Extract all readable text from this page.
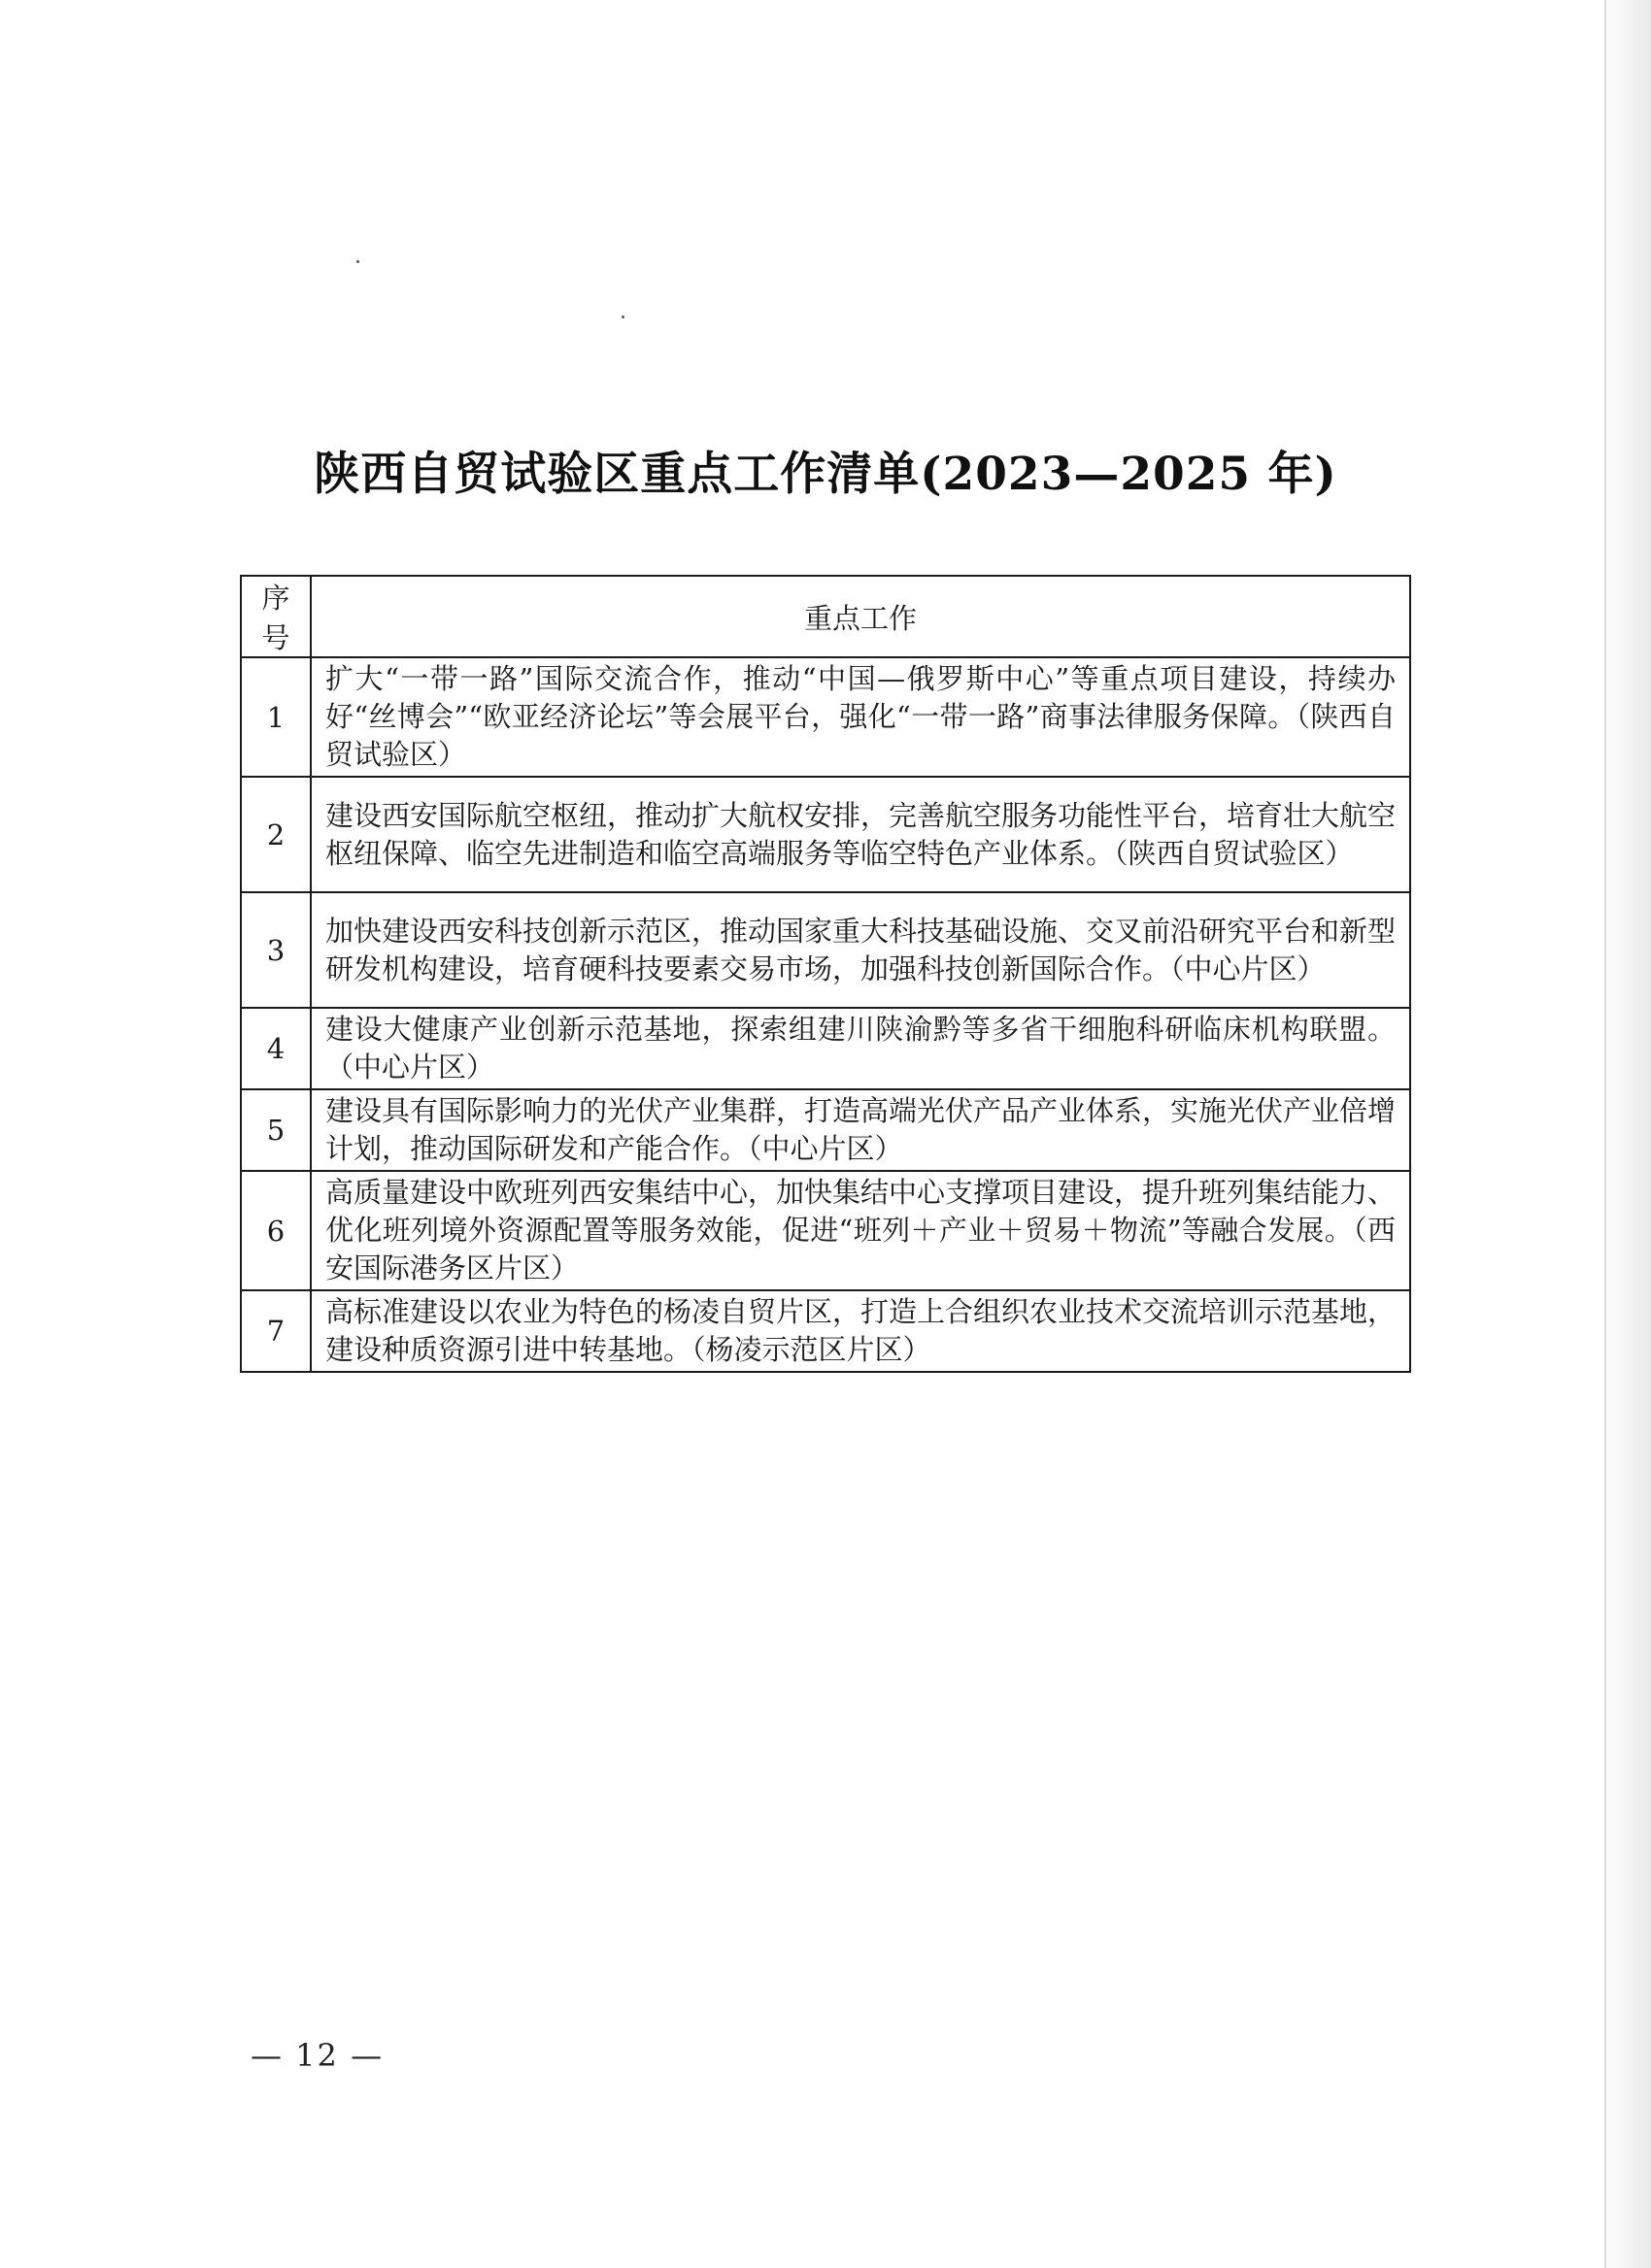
陕西自贸试验区重点工作清单(2023—2025 年)
序号	重点工作
1	扩大“一带一路”国际交流合作，推动“中国—俄罗斯中心”等重点项目建设，持续办好“丝博会”“欧亚经济论坛”等会展平台，强化“一带一路”商事法律服务保障。（陕西自贸试验区）
2	建设西安国际航空枢纽，推动扩大航权安排，完善航空服务功能性平台，培育壮大航空枢纽保障、临空先进制造和临空高端服务等临空特色产业体系。（陕西自贸试验区）
3	加快建设西安科技创新示范区，推动国家重大科技基础设施、交叉前沿研究平台和新型研发机构建设，培育硬科技要素交易市场，加强科技创新国际合作。（中心片区）
4	建设大健康产业创新示范基地，探索组建川陕渝黔等多省干细胞科研临床机构联盟。（中心片区）
5	建设具有国际影响力的光伏产业集群，打造高端光伏产品产业体系，实施光伏产业倍增计划，推动国际研发和产能合作。（中心片区）
6	高质量建设中欧班列西安集结中心，加快集结中心支撑项目建设，提升班列集结能力、优化班列境外资源配置等服务效能，促进“班列＋产业＋贸易＋物流”等融合发展。（西安国际港务区片区）
7	高标准建设以农业为特色的杨凌自贸片区，打造上合组织农业技术交流培训示范基地，建设种质资源引进中转基地。（杨凌示范区片区）
— 12 —
